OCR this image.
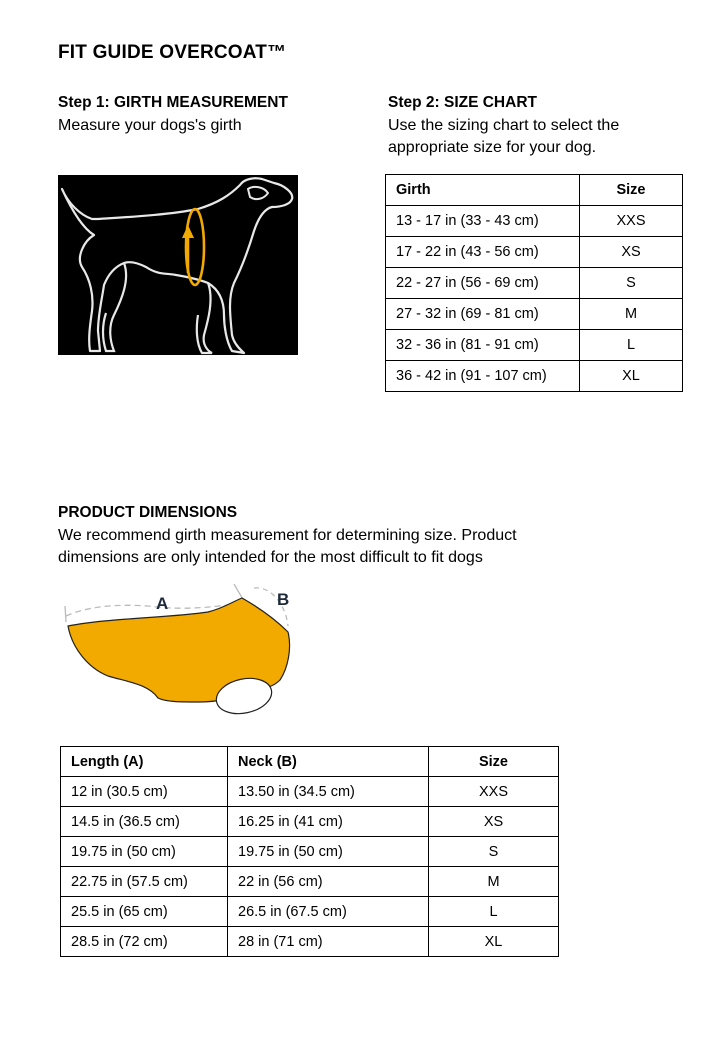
FIT GUIDE OVERCOAT™
Step 1: GIRTH MEASUREMENT
Measure your dogs's girth
Step 2: SIZE CHART
Use the sizing chart to select the
appropriate size for your dog.
Girth	Size
13 - 17 in (33 - 43 cm)	XXS
17 - 22 in (43 - 56 cm)	XS
22 - 27 in (56 - 69 cm)	S
27 - 32 in (69 - 81 cm)	M
32 - 36 in (81 - 91 cm)	L
36 - 42 in (91 - 107 cm)	XL
PRODUCT DIMENSIONS
We recommend girth measurement for determining size. Product
dimensions are only intended for the most difficult to fit dogs
A	B
Length (A)	Neck (B)	Size
12 in (30.5 cm)	13.50 in (34.5 cm)	XXS
14.5 in (36.5 cm)	16.25 in (41 cm)	XS
19.75 in (50 cm)	19.75 in (50 cm)	S
22.75 in (57.5 cm)	22 in (56 cm)	M
25.5 in (65 cm)	26.5 in (67.5 cm)	L
28.5 in (72 cm)	28 in (71 cm)	XL
